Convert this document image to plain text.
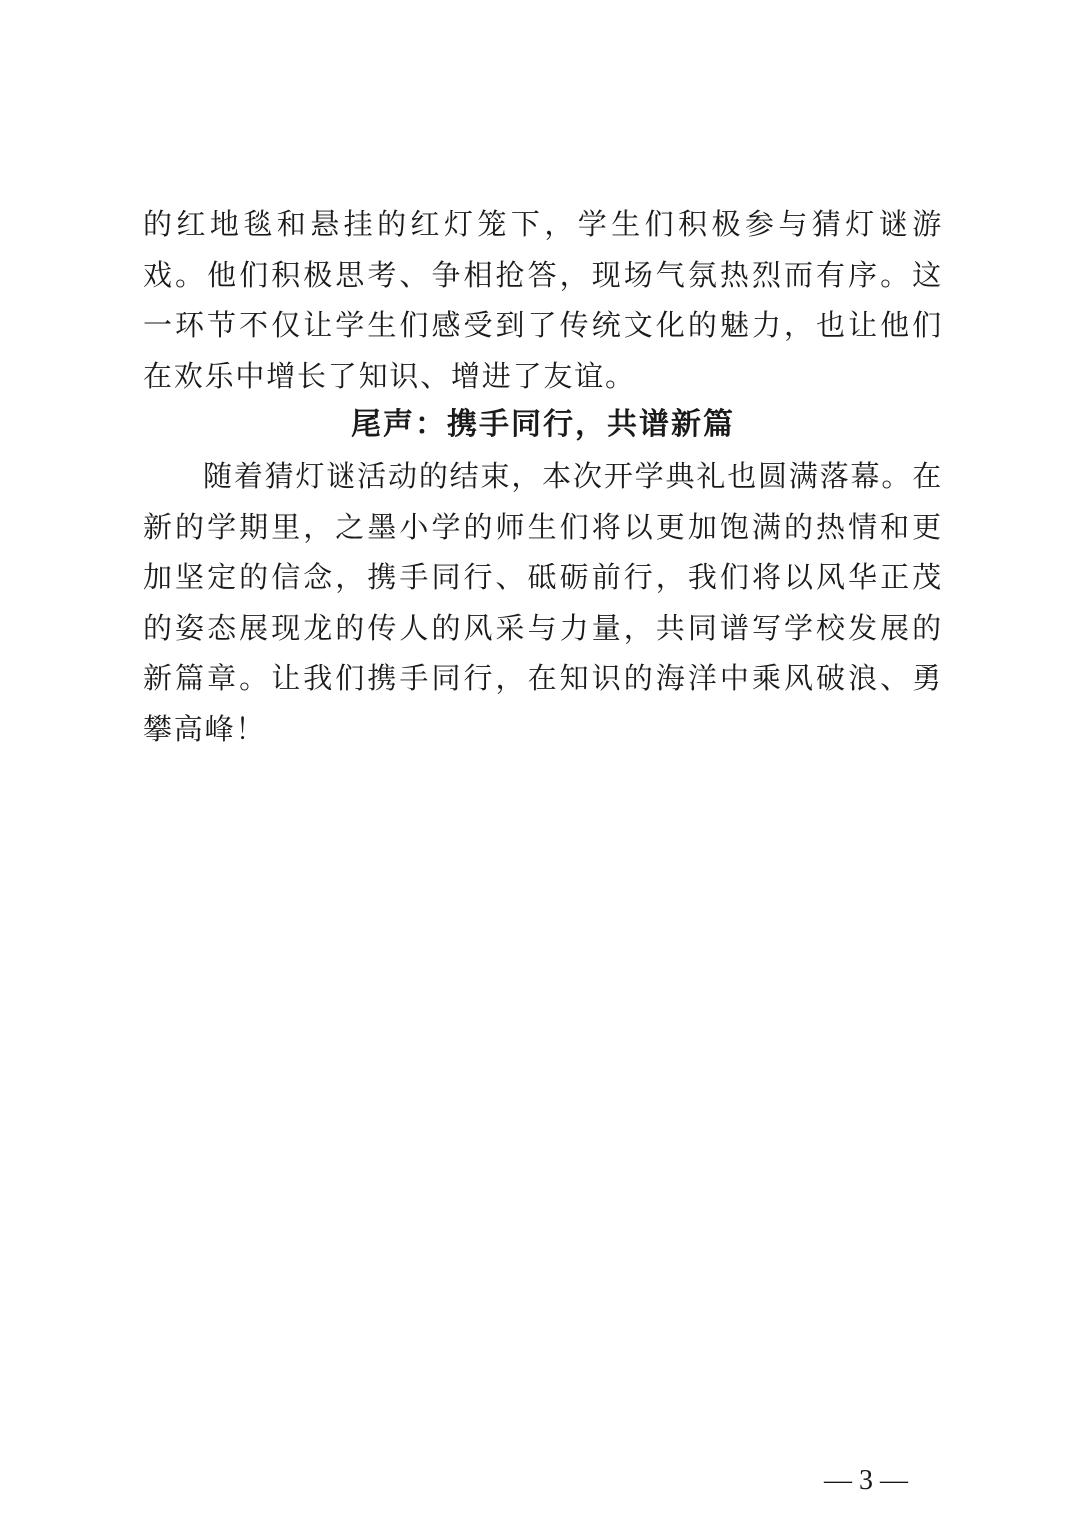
的红地毯和悬挂的红灯笼下，学生们积极参与猜灯谜游戏。他们积极思考、争相抢答，现场气氛热烈而有序。这一环节不仅让学生们感受到了传统文化的魅力，也让他们在欢乐中增长了知识、增进了友谊。

尾声：携手同行，共谱新篇

随着猜灯谜活动的结束，本次开学典礼也圆满落幕。在新的学期里，之墨小学的师生们将以更加饱满的热情和更加坚定的信念，携手同行、砥砺前行，我们将以风华正茂的姿态展现龙的传人的风采与力量，共同谱写学校发展的新篇章。让我们携手同行，在知识的海洋中乘风破浪、勇攀高峰！

— 3 —
